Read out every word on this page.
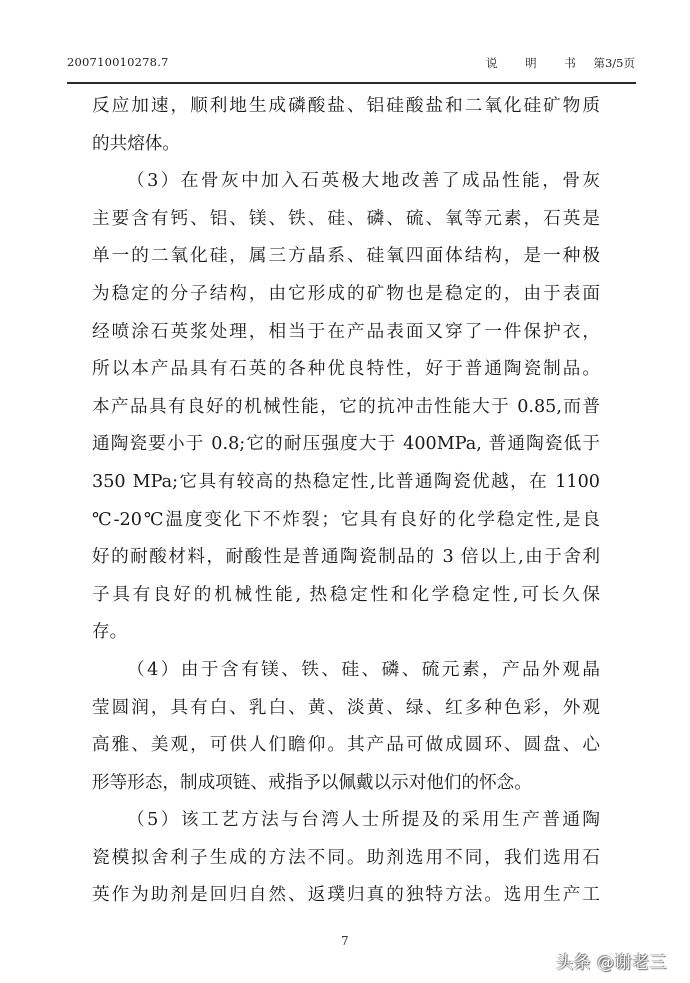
200710010278.7	说 明 书 第3/5页
反应加速，顺利地生成磷酸盐、铝硅酸盐和二氧化硅矿物质
的共熔体。
（3）在骨灰中加入石英极大地改善了成品性能，骨灰
主要含有钙、铝、镁、铁、硅、磷、硫、氧等元素，石英是
单一的二氧化硅，属三方晶系、硅氧四面体结构，是一种极
为稳定的分子结构，由它形成的矿物也是稳定的，由于表面
经喷涂石英浆处理，相当于在产品表面又穿了一件保护衣，
所以本产品具有石英的各种优良特性，好于普通陶瓷制品。
本产品具有良好的机械性能，它的抗冲击性能大于 0.85,而普
通陶瓷要小于 0.8;它的耐压强度大于 400MPa, 普通陶瓷低于
350 MPa;它具有较高的热稳定性,比普通陶瓷优越，在 1100
℃-20℃温度变化下不炸裂；它具有良好的化学稳定性,是良
好的耐酸材料，耐酸性是普通陶瓷制品的 3 倍以上,由于舍利
子具有良好的机械性能, 热稳定性和化学稳定性,可长久保
存。
（4）由于含有镁、铁、硅、磷、硫元素，产品外观晶
莹圆润，具有白、乳白、黄、淡黄、绿、红多种色彩，外观
高雅、美观，可供人们瞻仰。其产品可做成圆环、圆盘、心
形等形态，制成项链、戒指予以佩戴以示对他们的怀念。
（5）该工艺方法与台湾人士所提及的采用生产普通陶
瓷模拟舍利子生成的方法不同。助剂选用不同，我们选用石
英作为助剂是回归自然、返璞归真的独特方法。选用生产工
7
头条 @谢老三
